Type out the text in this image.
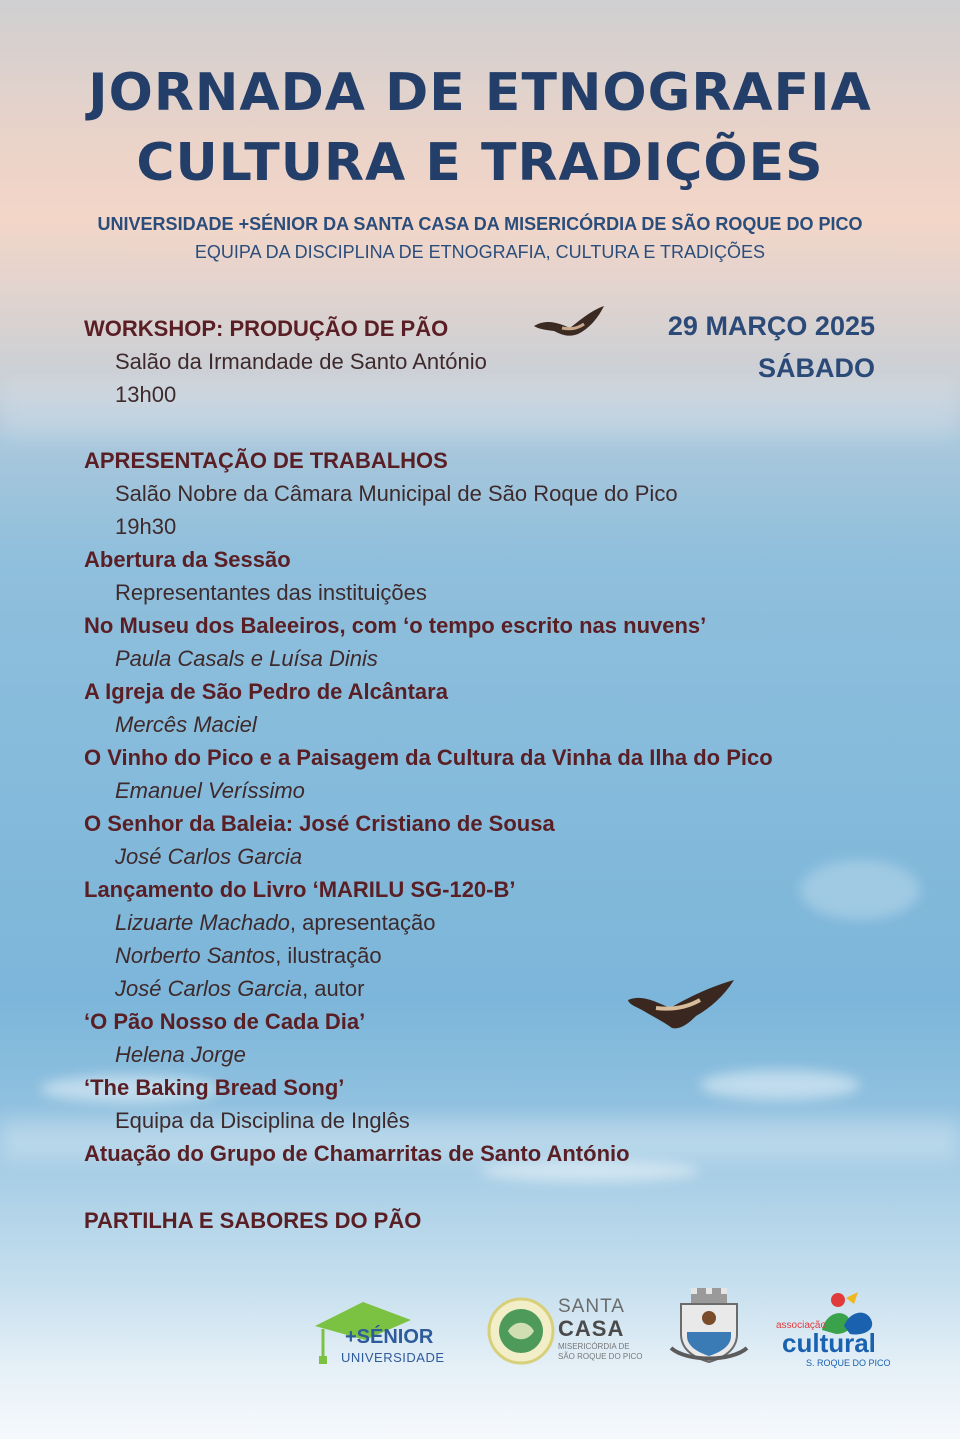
JORNADA DE ETNOGRAFIA
CULTURA E TRADIÇÕES
UNIVERSIDADE +SÉNIOR DA SANTA CASA DA MISERICÓRDIA DE SÃO ROQUE DO PICO
EQUIPA DA DISCIPLINA DE ETNOGRAFIA, CULTURA E TRADIÇÕES
29 MARÇO 2025
SÁBADO
WORKSHOP: PRODUÇÃO DE PÃO
Salão da Irmandade de Santo António
13h00
APRESENTAÇÃO DE TRABALHOS
Salão Nobre da Câmara Municipal de São Roque do Pico
19h30
Abertura da Sessão
Representantes das instituições
No Museu dos Baleeiros, com ‘o tempo escrito nas nuvens’
Paula Casals e Luísa Dinis
A Igreja de São Pedro de Alcântara
Mercês Maciel
O Vinho do Pico e a Paisagem da Cultura da Vinha da Ilha do Pico
Emanuel Veríssimo
O Senhor da Baleia: José Cristiano de Sousa
José Carlos Garcia
Lançamento do Livro ‘MARILU SG-120-B’
Lizuarte Machado, apresentação
Norberto Santos, ilustração
José Carlos Garcia, autor
‘O Pão Nosso de Cada Dia’
Helena Jorge
‘The Baking Bread Song’
Equipa da Disciplina de Inglês
Atuação do Grupo de Chamarritas de Santo António
PARTILHA E SABORES DO PÃO
+SÉNIOR
UNIVERSIDADE
SANTA
CASA
MISERICÓRDIA DE
SÃO ROQUE DO PICO
associação
cultural
S. ROQUE DO PICO
